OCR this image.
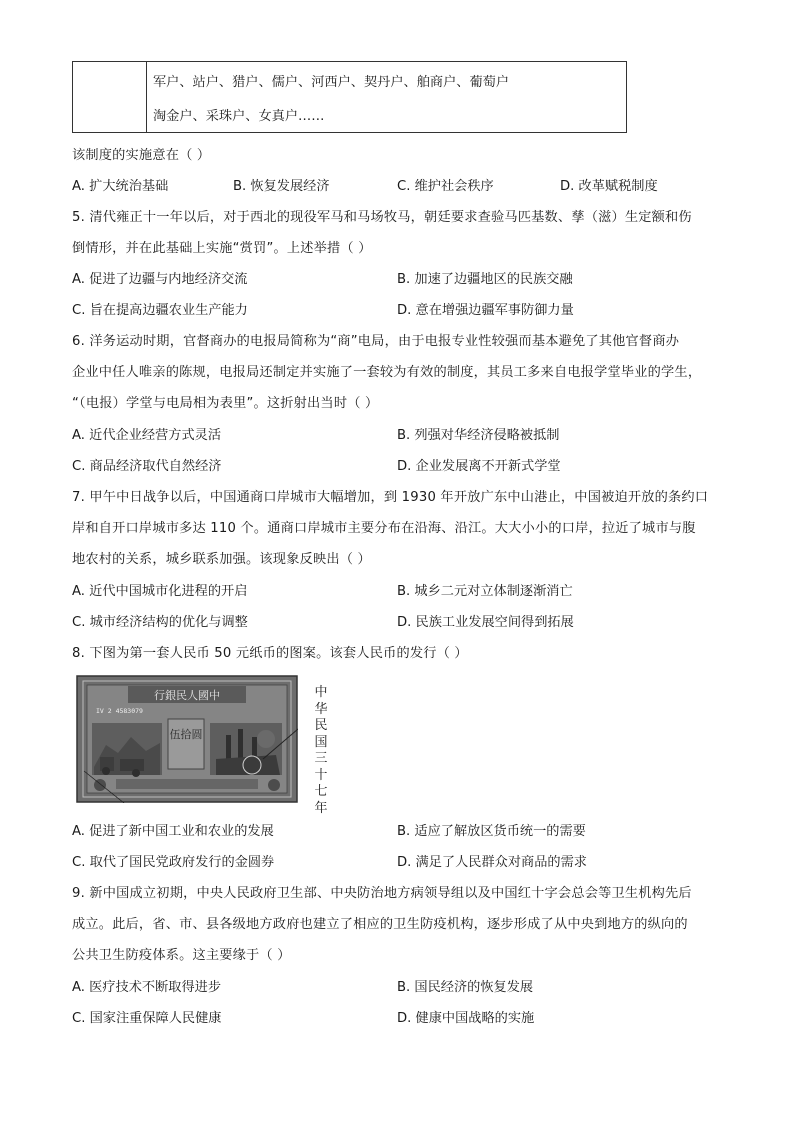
军户、站户、猎户、儒户、河西户、契丹户、舶商户、葡萄户
淘金户、采珠户、女真户……
该制度的实施意在（ ）
A. 扩大统治基础	B. 恢复发展经济	C. 维护社会秩序	D. 改革赋税制度
5. 清代雍正十一年以后，对于西北的现役军马和马场牧马，朝廷要求查验马匹基数、孳（滋）生定额和伤
倒情形，并在此基础上实施“赏罚”。上述举措（ ）
A. 促进了边疆与内地经济交流	B. 加速了边疆地区的民族交融
C. 旨在提高边疆农业生产能力	D. 意在增强边疆军事防御力量
6. 洋务运动时期，官督商办的电报局简称为“商”电局，由于电报专业性较强而基本避免了其他官督商办
企业中任人唯亲的陈规，电报局还制定并实施了一套较为有效的制度，其员工多来自电报学堂毕业的学生，
“（电报）学堂与电局相为表里”。这折射出当时（ ）
A. 近代企业经营方式灵活	B. 列强对华经济侵略被抵制
C. 商品经济取代自然经济	D. 企业发展离不开新式学堂
7. 甲午中日战争以后，中国通商口岸城市大幅增加，到 1930 年开放广东中山港止，中国被迫开放的条约口
岸和自开口岸城市多达 110 个。通商口岸城市主要分布在沿海、沿江。大大小小的口岸，拉近了城市与腹
地农村的关系，城乡联系加强。该现象反映出（ ）
A. 近代中国城市化进程的开启	B. 城乡二元对立体制逐渐消亡
C. 城市经济结构的优化与调整	D. 民族工业发展空间得到拓展
8. 下图为第一套人民币 50 元纸币的图案。该套人民币的发行（ ）
行銀民人國中
IV 2 4583079
伍拾圆
中
华
民
国
三
十
七
年
A. 促进了新中国工业和农业的发展	B. 适应了解放区货币统一的需要
C. 取代了国民党政府发行的金圆券	D. 满足了人民群众对商品的需求
9. 新中国成立初期，中央人民政府卫生部、中央防治地方病领导组以及中国红十字会总会等卫生机构先后
成立。此后，省、市、县各级地方政府也建立了相应的卫生防疫机构，逐步形成了从中央到地方的纵向的
公共卫生防疫体系。这主要缘于（ ）
A. 医疗技术不断取得进步	B. 国民经济的恢复发展
C. 国家注重保障人民健康	D. 健康中国战略的实施
